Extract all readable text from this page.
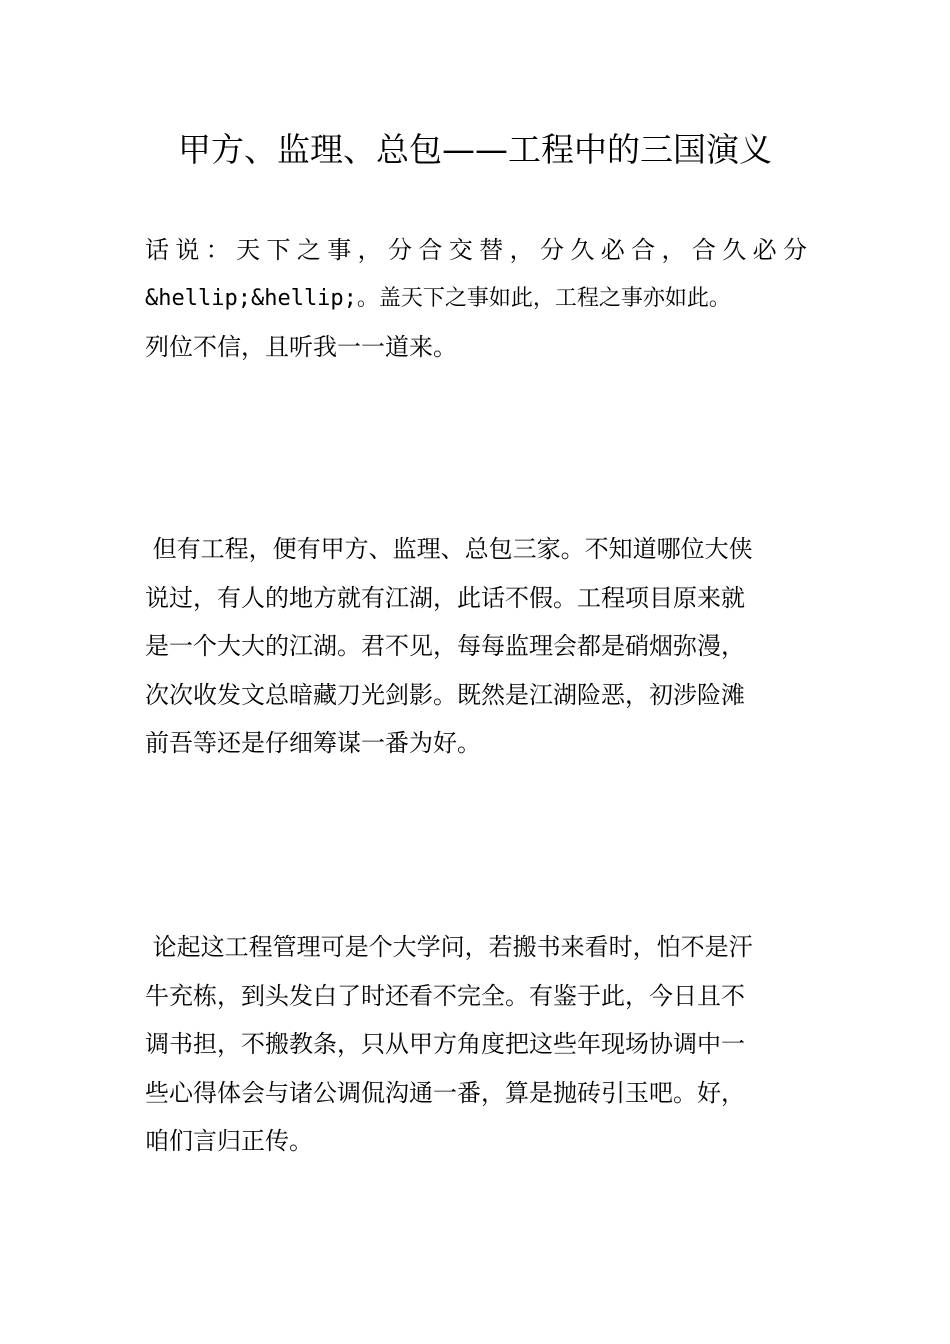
甲方、监理、总包——工程中的三国演义
话说：天下之事，分合交替，分久必合，合久必分
&hellip;&hellip;。盖天下之事如此，工程之事亦如此。
列位不信，且听我一一道来。
但有工程，便有甲方、监理、总包三家。不知道哪位大侠
说过，有人的地方就有江湖，此话不假。工程项目原来就
是一个大大的江湖。君不见，每每监理会都是硝烟弥漫，
次次收发文总暗藏刀光剑影。既然是江湖险恶，初涉险滩
前吾等还是仔细筹谋一番为好。
论起这工程管理可是个大学问，若搬书来看时，怕不是汗
牛充栋，到头发白了时还看不完全。有鉴于此，今日且不
调书担，不搬教条，只从甲方角度把这些年现场协调中一
些心得体会与诸公调侃沟通一番，算是抛砖引玉吧。好，
咱们言归正传。
